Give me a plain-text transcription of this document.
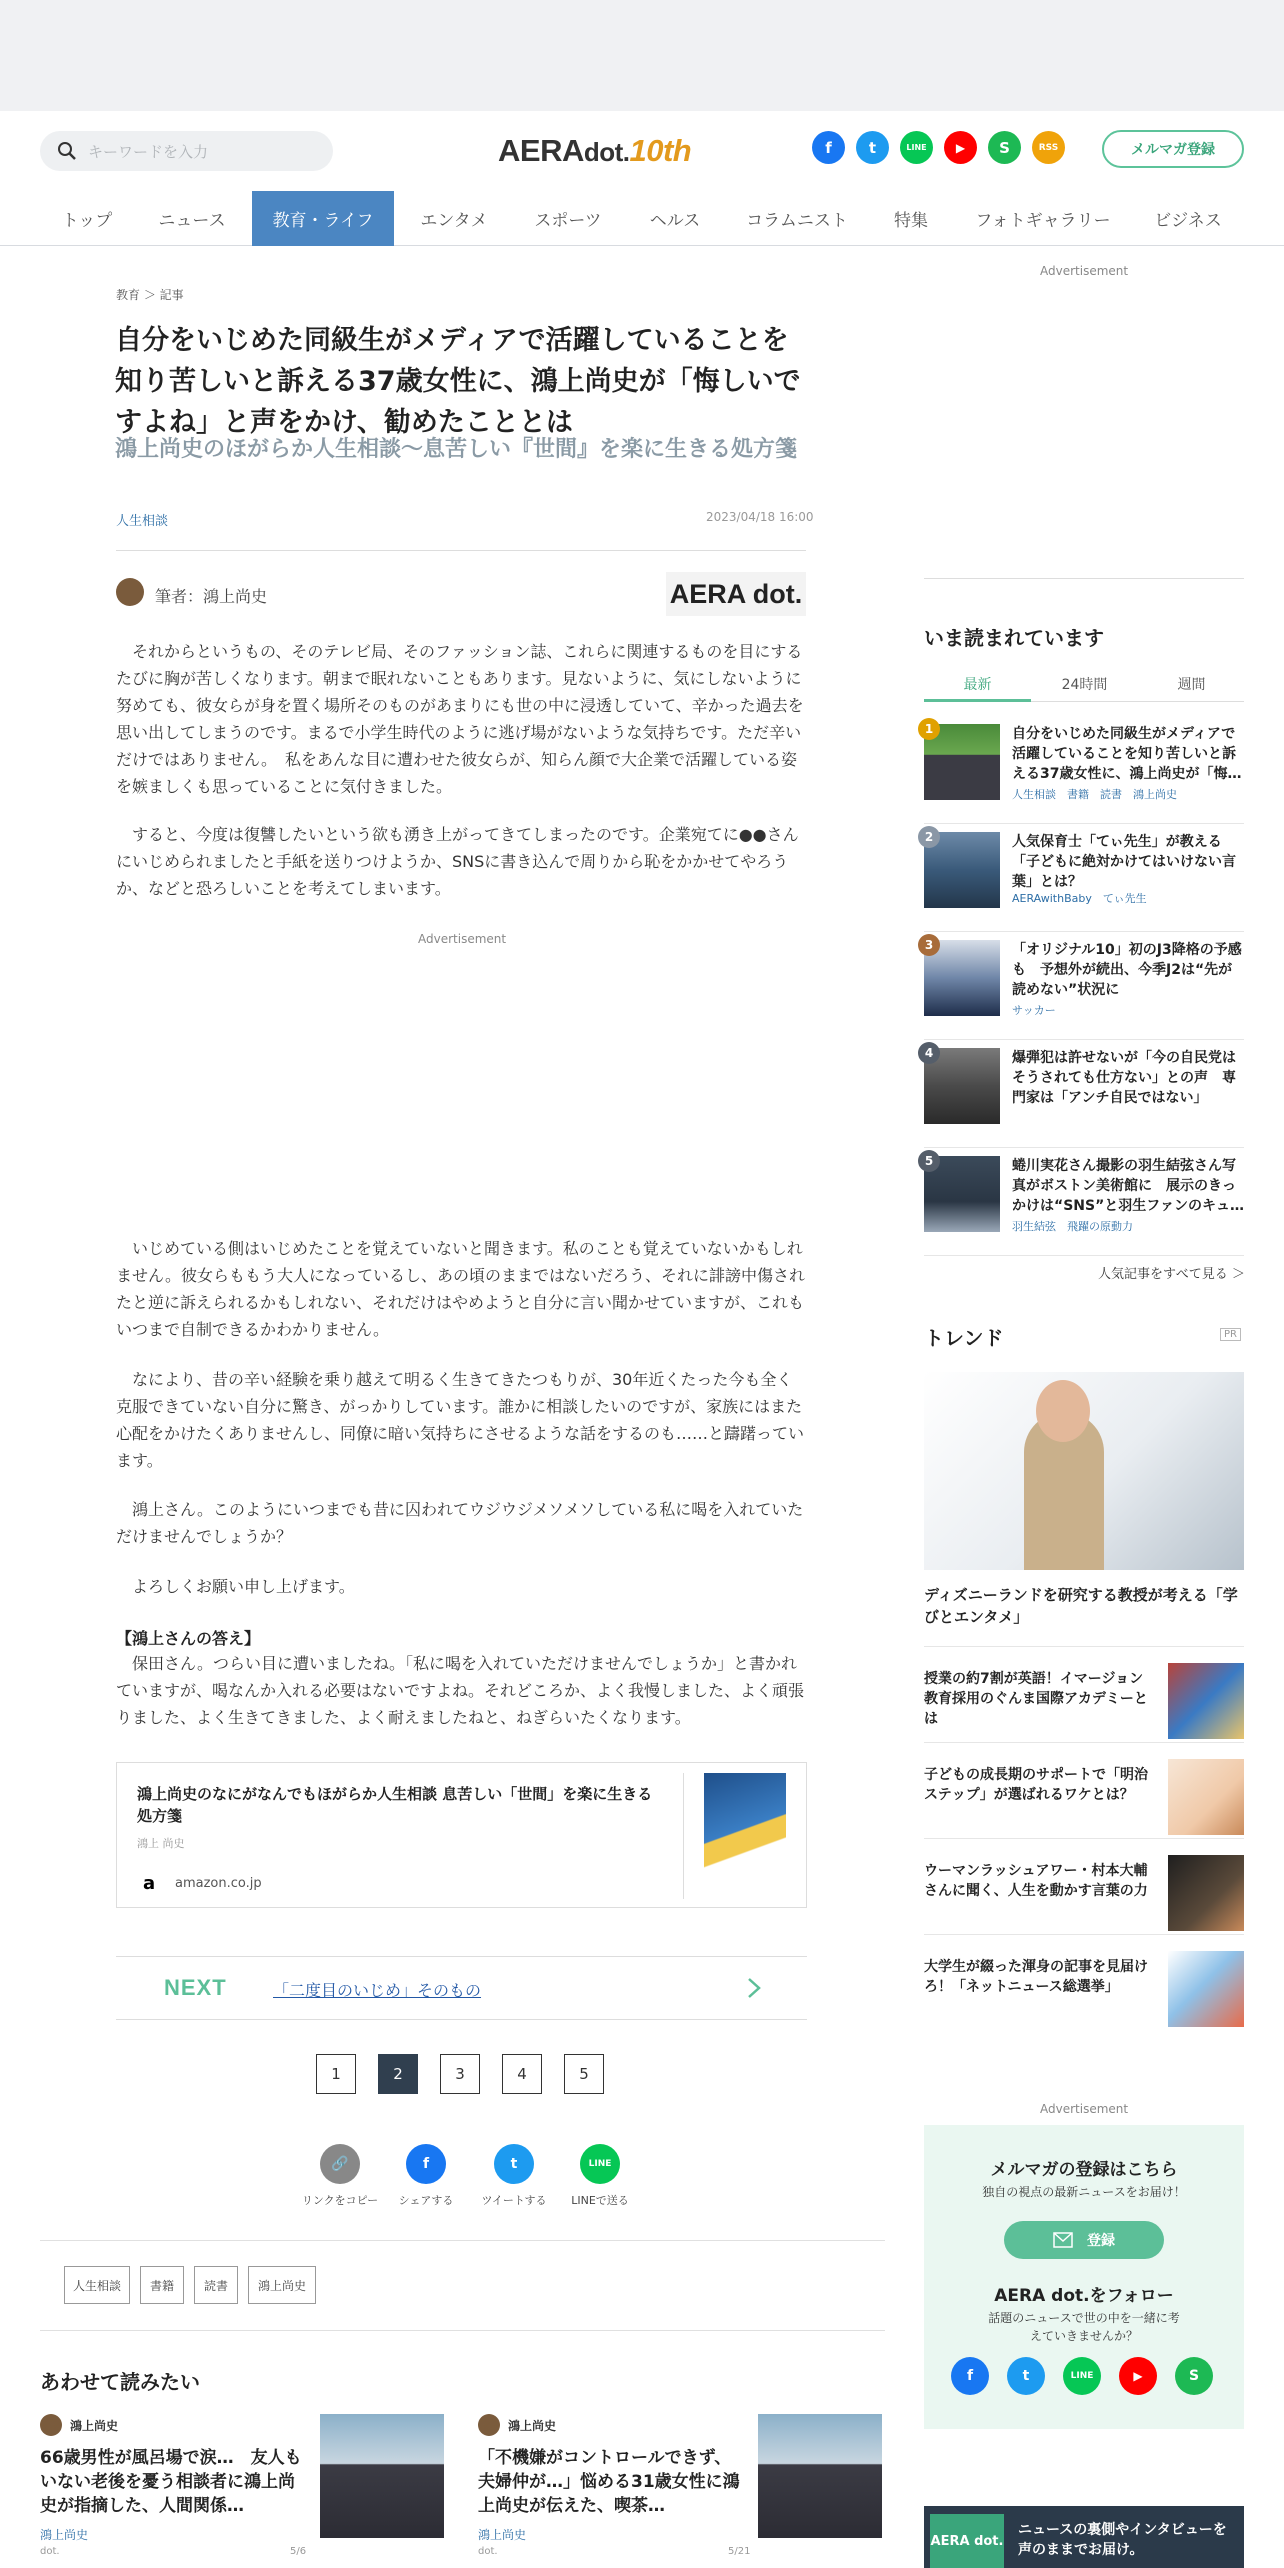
キーワードを入力	AERAdot.10th	f	t	LINE	▶	S	RSS	メルマガ登録
トップ	ニュース	教育・ライフ	エンタメ	スポーツ	ヘルス	コラムニスト	特集	フォトギャラリー	ビジネス
教育 ＞ 記事
自分をいじめた同級生がメディアで活躍していることを知り苦しいと訴える37歳女性に、鴻上尚史が「悔しいですよね」と声をかけ、勧めたこととは
鴻上尚史のほがらか人生相談～息苦しい『世間』を楽に生きる処方箋
人生相談	2023/04/18 16:00
筆者：鴻上尚史	AERA dot.

それからというもの、そのテレビ局、そのファッション誌、これらに関連するものを目にするたびに胸が苦しくなります。朝まで眠れないこともあります。見ないように、気にしないように努めても、彼女らが身を置く場所そのものがあまりにも世の中に浸透していて、辛かった過去を思い出してしまうのです。まるで小学生時代のように逃げ場がないような気持ちです。ただ辛いだけではありません。　私をあんな目に遭わせた彼女らが、知らん顔で大企業で活躍している姿を嫉ましくも思っていることに気付きました。

すると、今度は復讐したいという欲も湧き上がってきてしまったのです。企業宛てに●●さんにいじめられましたと手紙を送りつけようか、SNSに書き込んで周りから恥をかかせてやろうか、などと恐ろしいことを考えてしまいます。

Advertisement

いじめている側はいじめたことを覚えていないと聞きます。私のことも覚えていないかもしれません。彼女らももう大人になっているし、あの頃のままではないだろう、それに誹謗中傷されたと逆に訴えられるかもしれない、それだけはやめようと自分に言い聞かせていますが、これもいつまで自制できるかわかりません。

なにより、昔の辛い経験を乗り越えて明るく生きてきたつもりが、30年近くたった今も全く克服できていない自分に驚き、がっかりしています。誰かに相談したいのですが、家族にはまた心配をかけたくありませんし、同僚に暗い気持ちにさせるような話をするのも……と躊躇っています。

鴻上さん。このようにいつまでも昔に囚われてウジウジメソメソしている私に喝を入れていただけませんでしょうか？

よろしくお願い申し上げます。

【鴻上さんの答え】

保田さん。つらい目に遭いましたね。「私に喝を入れていただけませんでしょうか」と書かれていますが、喝なんか入れる必要はないですよね。それどころか、よく我慢しました、よく頑張りました、よく生きてきました、よく耐えましたねと、ねぎらいたくなります。

鴻上尚史のなにがなんでもほがらか人生相談 息苦しい「世間」を楽に生きる処方箋
鴻上 尚史
a	amazon.co.jp
NEXT	「二度目のいじめ」そのもの
1	2	3	4	5
🔗
リンクをコピー
f
シェアする
t
ツイートする
LINE
LINEで送る
人生相談	書籍	読書	鴻上尚史
あわせて読みたい
鴻上尚史
66歳男性が風呂場で涙…　友人もいない老後を憂う相談者に鴻上尚史が指摘した、人間関係…
鴻上尚史
dot.	5/6
鴻上尚史
「不機嫌がコントロールできず、夫婦仲が…」悩める31歳女性に鴻上尚史が伝えた、喫茶…
鴻上尚史
dot.	5/21
Advertisement
いま読まれています
最新	24時間	週間
1	自分をいじめた同級生がメディアで活躍していることを知り苦しいと訴える37歳女性に、鴻上尚史が「悔…
人生相談　書籍　読書　鴻上尚史
2	人気保育士「てぃ先生」が教える「子どもに絶対かけてはいけない言葉」とは？
AERAwithBaby　てぃ先生
3	「オリジナル10」初のJ3降格の予感も　予想外が続出、今季J2は“先が読めない”状況に
サッカー
4	爆弾犯は許せないが「今の自民党はそうされても仕方ない」との声　専門家は「アンチ自民ではない」
5	蜷川実花さん撮影の羽生結弦さん写真がボストン美術館に　展示のきっかけは“SNS”と羽生ファンのキュ…
羽生結弦　飛躍の原動力
人気記事をすべて見る ＞
トレンド	PR
ディズニーランドを研究する教授が考える「学びとエンタメ」
授業の約7割が英語！イマージョン教育採用のぐんま国際アカデミーとは
子どもの成長期のサポートで「明治ステップ」が選ばれるワケとは？
ウーマンラッシュアワー・村本大輔さんに聞く、人生を動かす言葉の力
大学生が綴った渾身の記事を見届けろ！「ネットニュース総選挙」
Advertisement
メルマガの登録はこちら
独自の視点の最新ニュースをお届け！
登録
AERA dot.をフォロー
話題のニュースで世の中を一緒に考えていきませんか？
f	t	LINE	▶	S
AERA dot.
ニュースの裏側やインタビューを声のままでお届け。
